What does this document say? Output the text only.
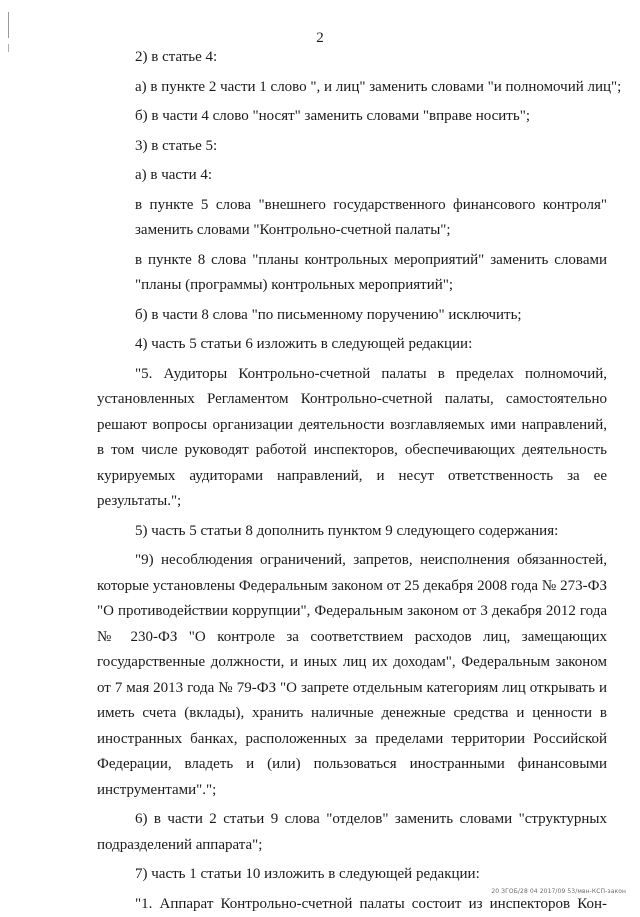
2

2) в статье 4:

а) в пункте 2 части 1 слово ", и лиц" заменить словами "и полномочий лиц";

б) в части 4 слово "носят" заменить словами "вправе носить";

3) в статье 5:

а) в части 4:

в пункте 5 слова "внешнего государственного финансового контроля" заменить словами "Контрольно-счетной палаты";

в пункте 8 слова "планы контрольных мероприятий" заменить словами "планы (программы) контрольных мероприятий";

б) в части 8 слова "по письменному поручению" исключить;

4) часть 5 статьи 6 изложить в следующей редакции:

"5. Аудиторы Контрольно-счетной палаты в пределах полномочий, установленных Регламентом Контрольно-счетной палаты, самостоятельно решают вопросы организации деятельности возглавляемых ими направлений, в том числе руководят работой инспекторов, обеспечивающих деятельность курируемых аудиторами направлений, и несут ответственность за ее результаты.";

5) часть 5 статьи 8 дополнить пунктом 9 следующего содержания:

"9) несоблюдения ограничений, запретов, неисполнения обязанностей, которые установлены Федеральным законом от 25 декабря 2008 года № 273-ФЗ "О противодействии коррупции", Федеральным законом от 3 декабря 2012 года № 230-ФЗ "О контроле за соответствием расходов лиц, замещающих государственные должности, и иных лиц их доходам", Федеральным законом от 7 мая 2013 года № 79-ФЗ "О запрете отдельным категориям лиц открывать и иметь счета (вклады), хранить наличные денежные средства и ценности в иностранных банках, расположенных за пределами территории Российской Федерации, владеть и (или) пользоваться иностранными финансовыми инструментами".";

6) в части 2 статьи 9 слова "отделов" заменить словами "структурных подразделений аппарата";

7) часть 1 статьи 10 изложить в следующей редакции:

"1. Аппарат Контрольно-счетной палаты состоит из инспекторов Кон-

20 ЗГОБ/28 04 2017/09 53/мвн-КСП-закон
